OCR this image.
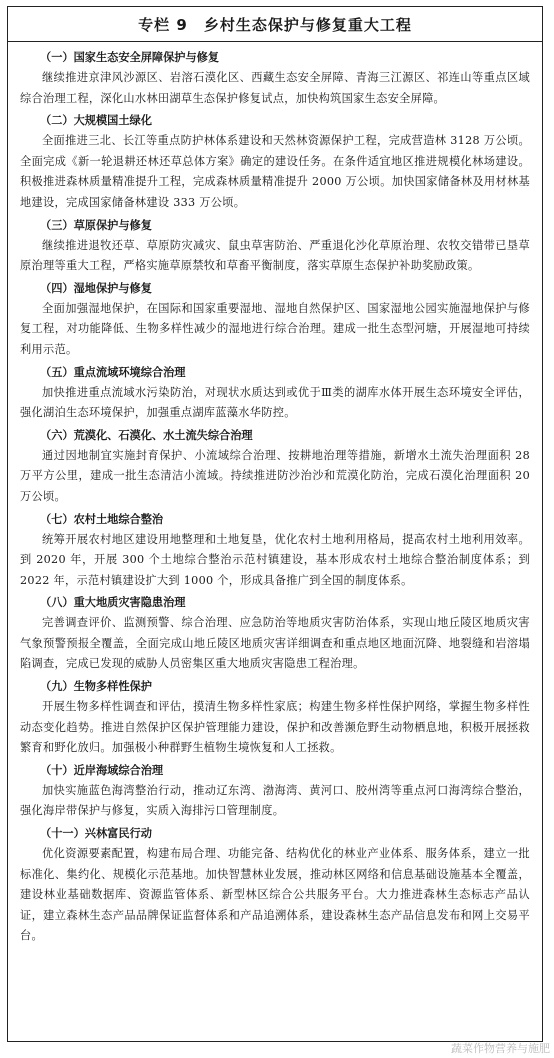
专栏 9　乡村生态保护与修复重大工程
（一）国家生态安全屏障保护与修复

继续推进京津风沙源区、岩溶石漠化区、西藏生态安全屏障、青海三江源区、祁连山等重点区域综合治理工程，深化山水林田湖草生态保护修复试点，加快构筑国家生态安全屏障。

（二）大规模国土绿化

全面推进三北、长江等重点防护林体系建设和天然林资源保护工程，完成营造林 3128 万公顷。全面完成《新一轮退耕还林还草总体方案》确定的建设任务。在条件适宜地区推进规模化林场建设。积极推进森林质量精准提升工程，完成森林质量精准提升 2000 万公顷。加快国家储备林及用材林基地建设，完成国家储备林建设 333 万公顷。

（三）草原保护与修复

继续推进退牧还草、草原防灾减灾、鼠虫草害防治、严重退化沙化草原治理、农牧交错带已垦草原治理等重大工程，严格实施草原禁牧和草畜平衡制度，落实草原生态保护补助奖励政策。

（四）湿地保护与修复

全面加强湿地保护，在国际和国家重要湿地、湿地自然保护区、国家湿地公园实施湿地保护与修复工程，对功能降低、生物多样性减少的湿地进行综合治理。建成一批生态型河塘，开展湿地可持续利用示范。

（五）重点流域环境综合治理

加快推进重点流域水污染防治，对现状水质达到或优于Ⅲ类的湖库水体开展生态环境安全评估，强化湖泊生态环境保护，加强重点湖库蓝藻水华防控。

（六）荒漠化、石漠化、水土流失综合治理

通过因地制宜实施封育保护、小流域综合治理、按耕地治理等措施，新增水土流失治理面积 28 万平方公里，建成一批生态清洁小流域。持续推进防沙治沙和荒漠化防治，完成石漠化治理面积 20 万公顷。

（七）农村土地综合整治

统筹开展农村地区建设用地整理和土地复垦，优化农村土地利用格局，提高农村土地利用效率。到 2020 年，开展 300 个土地综合整治示范村镇建设，基本形成农村土地综合整治制度体系；到 2022 年，示范村镇建设扩大到 1000 个，形成具备推广到全国的制度体系。

（八）重大地质灾害隐患治理

完善调查评价、监测预警、综合治理、应急防治等地质灾害防治体系，实现山地丘陵区地质灾害气象预警预报全覆盖，全面完成山地丘陵区地质灾害详细调查和重点地区地面沉降、地裂缝和岩溶塌陷调查，完成已发现的威胁人员密集区重大地质灾害隐患工程治理。

（九）生物多样性保护

开展生物多样性调查和评估，摸清生物多样性家底；构建生物多样性保护网络，掌握生物多样性动态变化趋势。推进自然保护区保护管理能力建设，保护和改善濒危野生动物栖息地，积极开展拯救繁育和野化放归。加强极小种群野生植物生境恢复和人工拯救。

（十）近岸海域综合治理

加快实施蓝色海湾整治行动，推动辽东湾、渤海湾、黄河口、胶州湾等重点河口海湾综合整治，强化海岸带保护与修复，实质入海排污口管理制度。

（十一）兴林富民行动

优化资源要素配置，构建布局合理、功能完备、结构优化的林业产业体系、服务体系，建立一批标准化、集约化、规模化示范基地。加快智慧林业发展，推动林区网络和信息基础设施基本全覆盖，建设林业基础数据库、资源监管体系、新型林区综合公共服务平台。大力推进森林生态标志产品认证，建立森林生态产品品牌保证监督体系和产品追溯体系，建设森林生态产品信息发布和网上交易平台。

蔬菜作物营养与施肥
